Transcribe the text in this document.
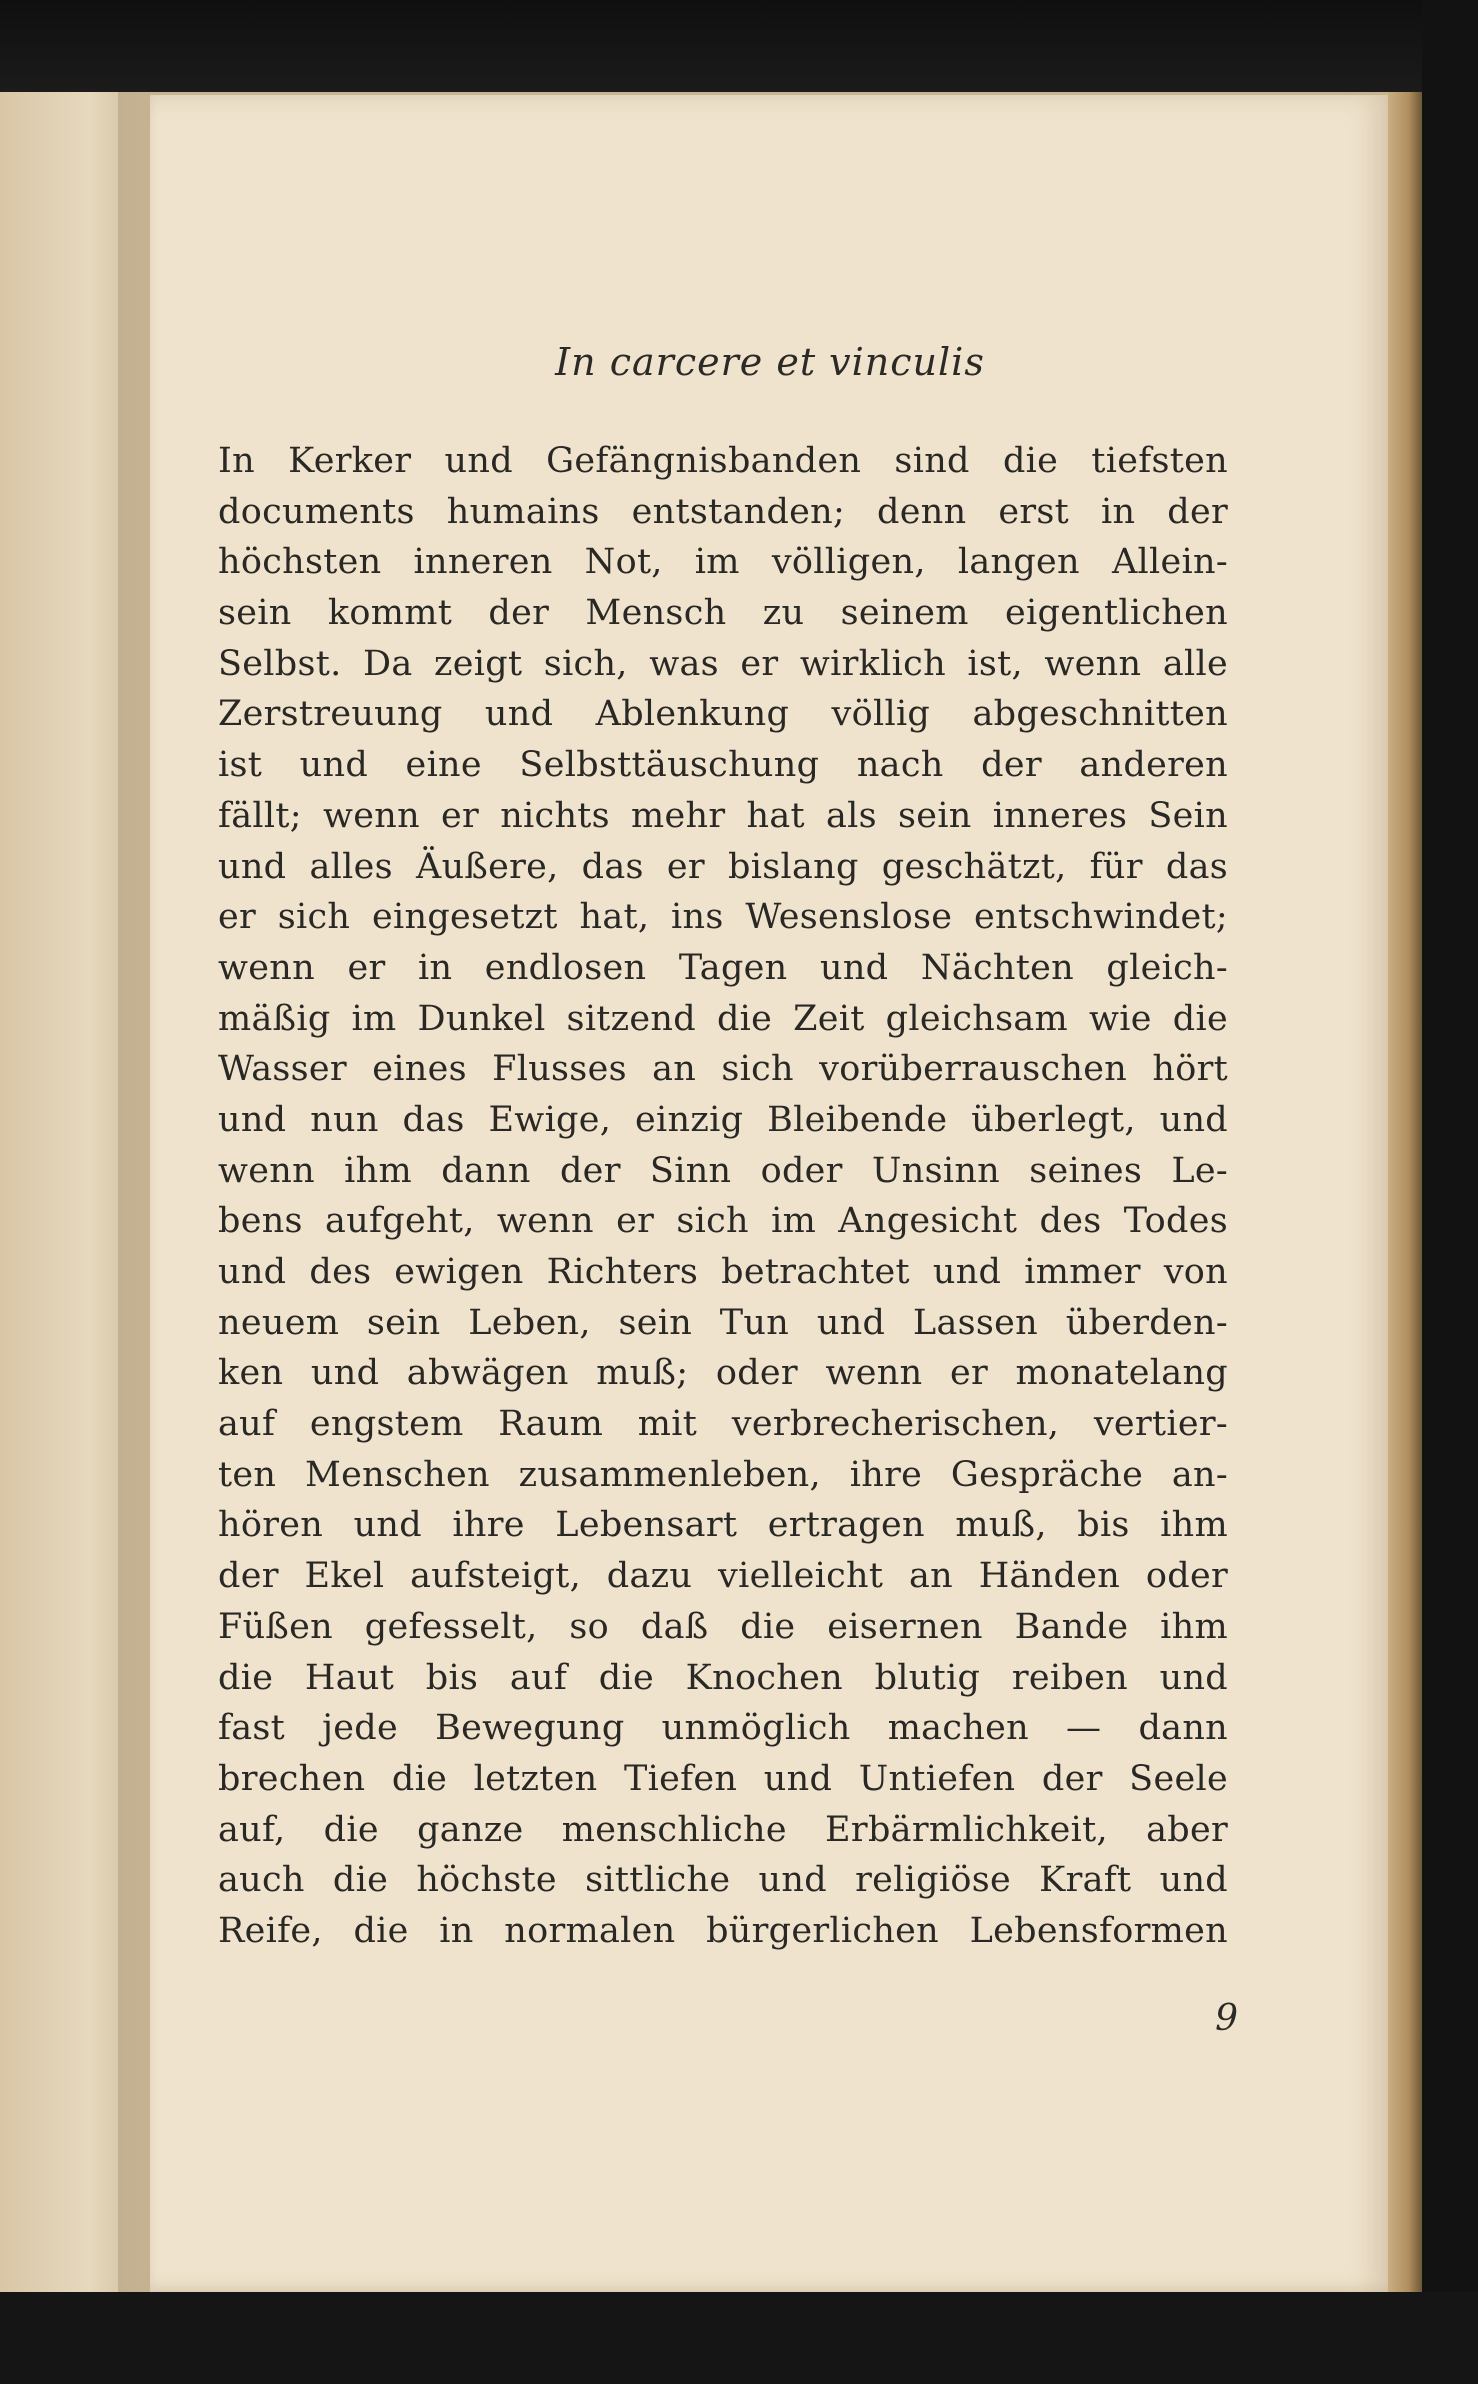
In carcere et vinculis
In Kerker und Gefängnisbanden sind die tiefsten
documents humains entstanden; denn erst in der
höchsten inneren Not, im völligen, langen Allein-
sein kommt der Mensch zu seinem eigentlichen
Selbst. Da zeigt sich, was er wirklich ist, wenn alle
Zerstreuung und Ablenkung völlig abgeschnitten
ist und eine Selbsttäuschung nach der anderen
fällt; wenn er nichts mehr hat als sein inneres Sein
und alles Äußere, das er bislang geschätzt, für das
er sich eingesetzt hat, ins Wesenslose entschwindet;
wenn er in endlosen Tagen und Nächten gleich-
mäßig im Dunkel sitzend die Zeit gleichsam wie die
Wasser eines Flusses an sich vorüberrauschen hört
und nun das Ewige, einzig Bleibende überlegt, und
wenn ihm dann der Sinn oder Unsinn seines Le-
bens aufgeht, wenn er sich im Angesicht des Todes
und des ewigen Richters betrachtet und immer von
neuem sein Leben, sein Tun und Lassen überden-
ken und abwägen muß; oder wenn er monatelang
auf engstem Raum mit verbrecherischen, vertier-
ten Menschen zusammenleben, ihre Gespräche an-
hören und ihre Lebensart ertragen muß, bis ihm
der Ekel aufsteigt, dazu vielleicht an Händen oder
Füßen gefesselt, so daß die eisernen Bande ihm
die Haut bis auf die Knochen blutig reiben und
fast jede Bewegung unmöglich machen — dann
brechen die letzten Tiefen und Untiefen der Seele
auf, die ganze menschliche Erbärmlichkeit, aber
auch die höchste sittliche und religiöse Kraft und
Reife, die in normalen bürgerlichen Lebensformen
9
